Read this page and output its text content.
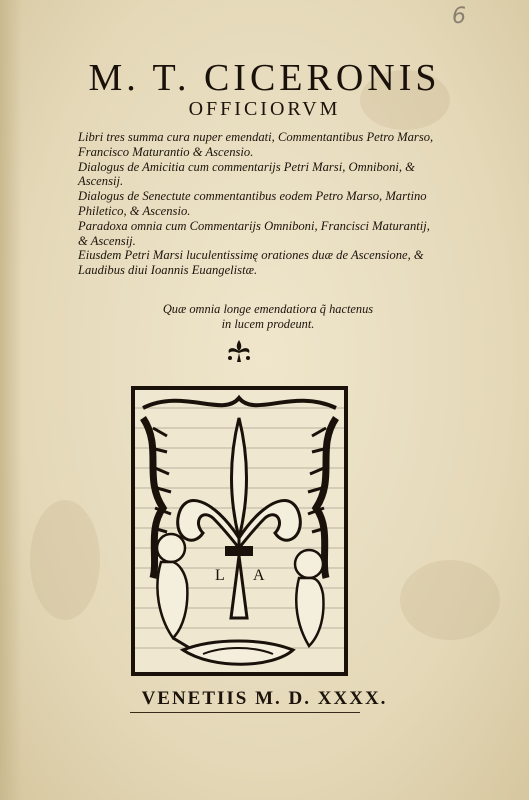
6
M. T. CICERONIS
OFFICIORVM

Libri tres summa cura nuper emendati, Commentantibus Petro Marso, Francisco Maturantio & Ascensio.

Dialogus de Amicitia cum commentarijs Petri Marsi, Omniboni, & Ascensij.

Dialogus de Senectute commentantibus eodem Petro Marso, Martino Philetico, & Ascensio.

Paradoxa omnia cum Commentarijs Omniboni, Francisci Maturantij, & Ascensij.

Eiusdem Petri Marsi luculentissimę orationes duæ de Ascensione, & Laudibus diui Ioannis Euangelistæ.

Quæ omnia longe emendatiora q̃ hactenus
in lucem prodeunt.
L A
VENETIIS M. D. XXXX.
